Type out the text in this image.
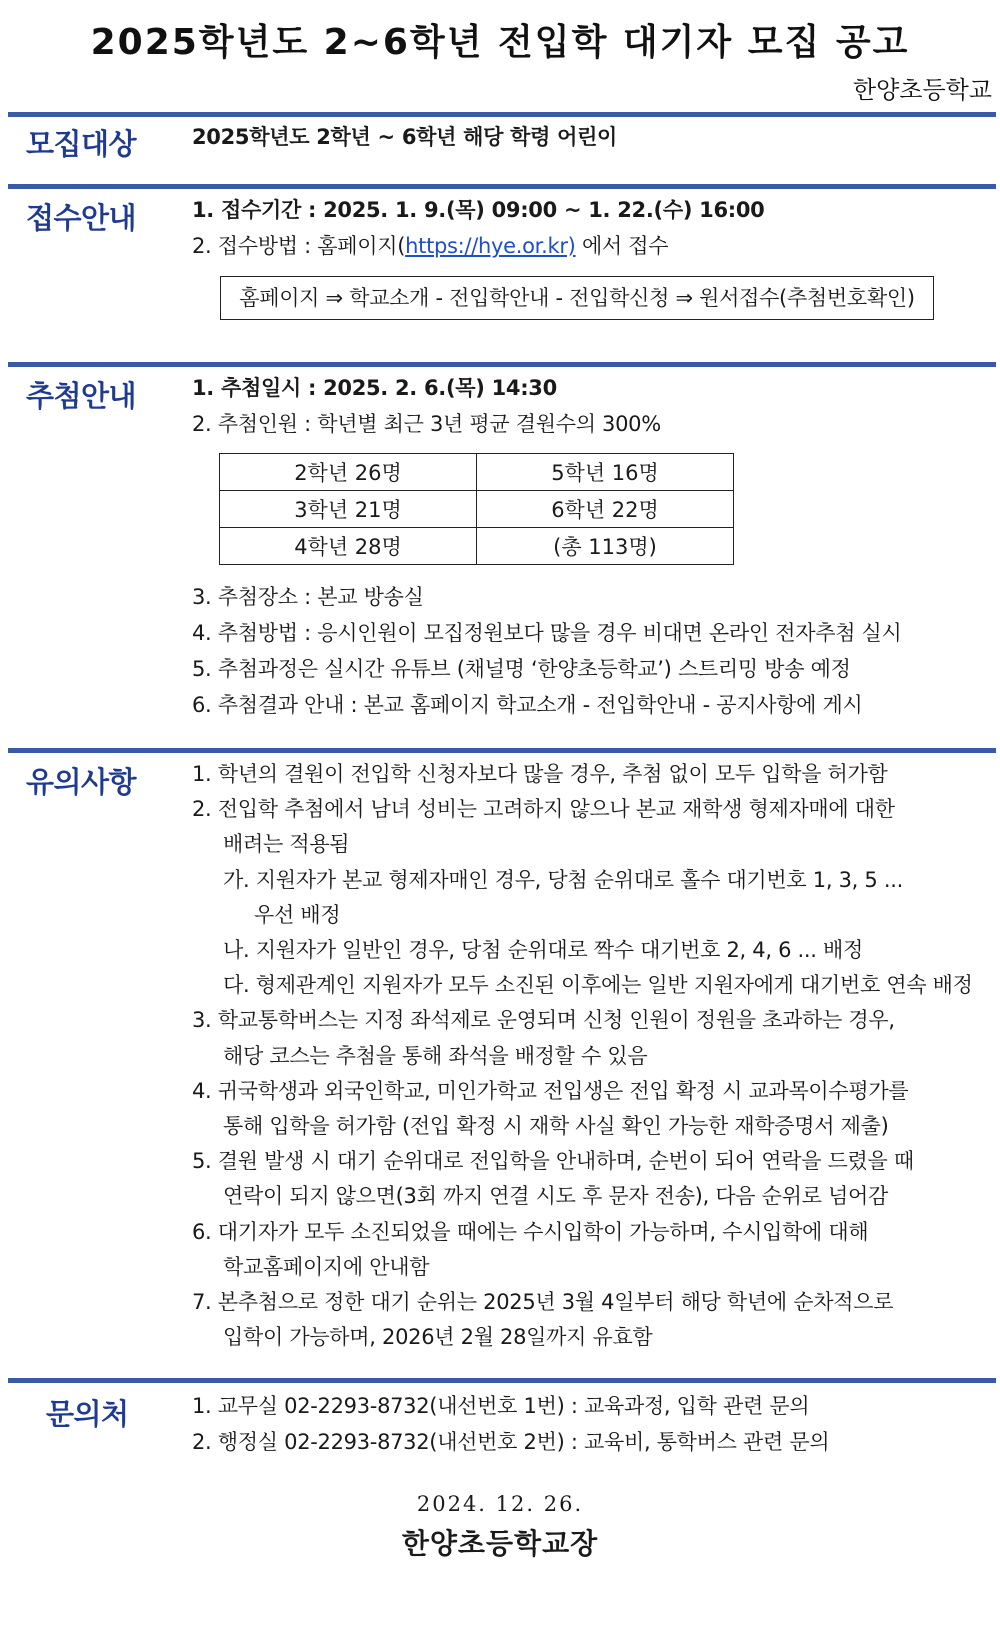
2025학년도 2~6학년 전입학 대기자 모집 공고
한양초등학교
모집대상	2025학년도 2학년 ~ 6학년 해당 학령 어린이
접수안내	1. 접수기간 : 2025. 1. 9.(목) 09:00 ~ 1. 22.(수) 16:00
2. 접수방법 : 홈페이지(https://hye.or.kr) 에서 접수
홈페이지 ⇒ 학교소개 - 전입학안내 - 전입학신청 ⇒ 원서접수(추첨번호확인)
추첨안내	1. 추첨일시 : 2025. 2. 6.(목) 14:30
2. 추첨인원 : 학년별 최근 3년 평균 결원수의 300%
2학년 26명	5학년 16명
3학년 21명	6학년 22명
4학년 28명	(총 113명)
3. 추첨장소 : 본교 방송실
4. 추첨방법 : 응시인원이 모집정원보다 많을 경우 비대면 온라인 전자추첨 실시
5. 추첨과정은 실시간 유튜브 (채널명 ‘한양초등학교’) 스트리밍 방송 예정
6. 추첨결과 안내 : 본교 홈페이지 학교소개 - 전입학안내 - 공지사항에 게시
유의사항	1. 학년의 결원이 전입학 신청자보다 많을 경우, 추첨 없이 모두 입학을 허가함
2. 전입학 추첨에서 남녀 성비는 고려하지 않으나 본교 재학생 형제자매에 대한
배려는 적용됨
가. 지원자가 본교 형제자매인 경우, 당첨 순위대로 홀수 대기번호 1, 3, 5 ...
우선 배정
나. 지원자가 일반인 경우, 당첨 순위대로 짝수 대기번호 2, 4, 6 ... 배정
다. 형제관계인 지원자가 모두 소진된 이후에는 일반 지원자에게 대기번호 연속 배정
3. 학교통학버스는 지정 좌석제로 운영되며 신청 인원이 정원을 초과하는 경우,
해당 코스는 추첨을 통해 좌석을 배정할 수 있음
4. 귀국학생과 외국인학교, 미인가학교 전입생은 전입 확정 시 교과목이수평가를
통해 입학을 허가함 (전입 확정 시 재학 사실 확인 가능한 재학증명서 제출)
5. 결원 발생 시 대기 순위대로 전입학을 안내하며, 순번이 되어 연락을 드렸을 때
연락이 되지 않으면(3회 까지 연결 시도 후 문자 전송), 다음 순위로 넘어감
6. 대기자가 모두 소진되었을 때에는 수시입학이 가능하며, 수시입학에 대해
학교홈페이지에 안내함
7. 본추첨으로 정한 대기 순위는 2025년 3월 4일부터 해당 학년에 순차적으로
입학이 가능하며, 2026년 2월 28일까지 유효함
문의처	1. 교무실 02-2293-8732(내선번호 1번) : 교육과정, 입학 관련 문의
2. 행정실 02-2293-8732(내선번호 2번) : 교육비, 통학버스 관련 문의
2024. 12. 26.
한양초등학교장
